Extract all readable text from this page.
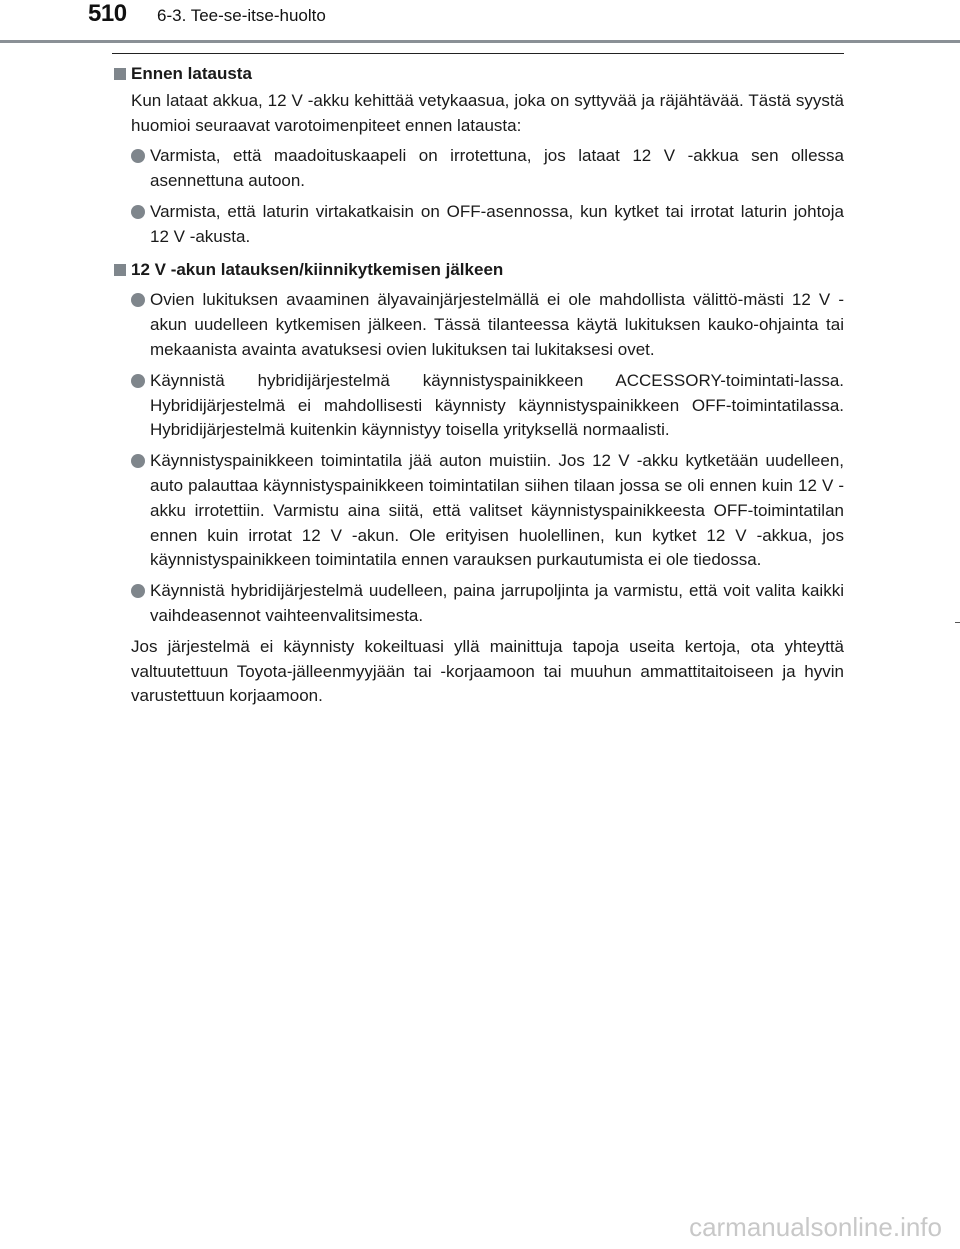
510 6-3. Tee-se-itse-huolto

Ennen latausta

Kun lataat akkua, 12 V -akku kehittää vetykaasua, joka on syttyvää ja räjähtävää. Tästä syystä huomioi seuraavat varotoimenpiteet ennen latausta:

Varmista, että maadoituskaapeli on irrotettuna, jos lataat 12 V -akkua sen ollessa asennettuna autoon.

Varmista, että laturin virtakatkaisin on OFF-asennossa, kun kytket tai irrotat laturin johtoja 12 V -akusta.

12 V -akun latauksen/kiinnikytkemisen jälkeen

Ovien lukituksen avaaminen älyavainjärjestelmällä ei ole mahdollista välittö-mästi 12 V -akun uudelleen kytkemisen jälkeen. Tässä tilanteessa käytä lukituksen kauko-ohjainta tai mekaanista avainta avatuksesi ovien lukituksen tai lukitaksesi ovet.

Käynnistä hybridijärjestelmä käynnistyspainikkeen ACCESSORY-toimintati-lassa. Hybridijärjestelmä ei mahdollisesti käynnisty käynnistyspainikkeen OFF-toimintatilassa. Hybridijärjestelmä kuitenkin käynnistyy toisella yrityksellä normaalisti.

Käynnistyspainikkeen toimintatila jää auton muistiin. Jos 12 V -akku kytketään uudelleen, auto palauttaa käynnistyspainikkeen toimintatilan siihen tilaan jossa se oli ennen kuin 12 V -akku irrotettiin. Varmistu aina siitä, että valitset käynnistyspainikkeesta OFF-toimintatilan ennen kuin irrotat 12 V -akun. Ole erityisen huolellinen, kun kytket 12 V -akkua, jos käynnistyspainikkeen toimintatila ennen varauksen purkautumista ei ole tiedossa.

Käynnistä hybridijärjestelmä uudelleen, paina jarrupoljinta ja varmistu, että voit valita kaikki vaihdeasennot vaihteenvalitsimesta.

Jos järjestelmä ei käynnisty kokeiltuasi yllä mainittuja tapoja useita kertoja, ota yhteyttä valtuutettuun Toyota-jälleenmyyjään tai -korjaamoon tai muuhun ammattitaitoiseen ja hyvin varustettuun korjaamoon.

carmanualsonline.info
